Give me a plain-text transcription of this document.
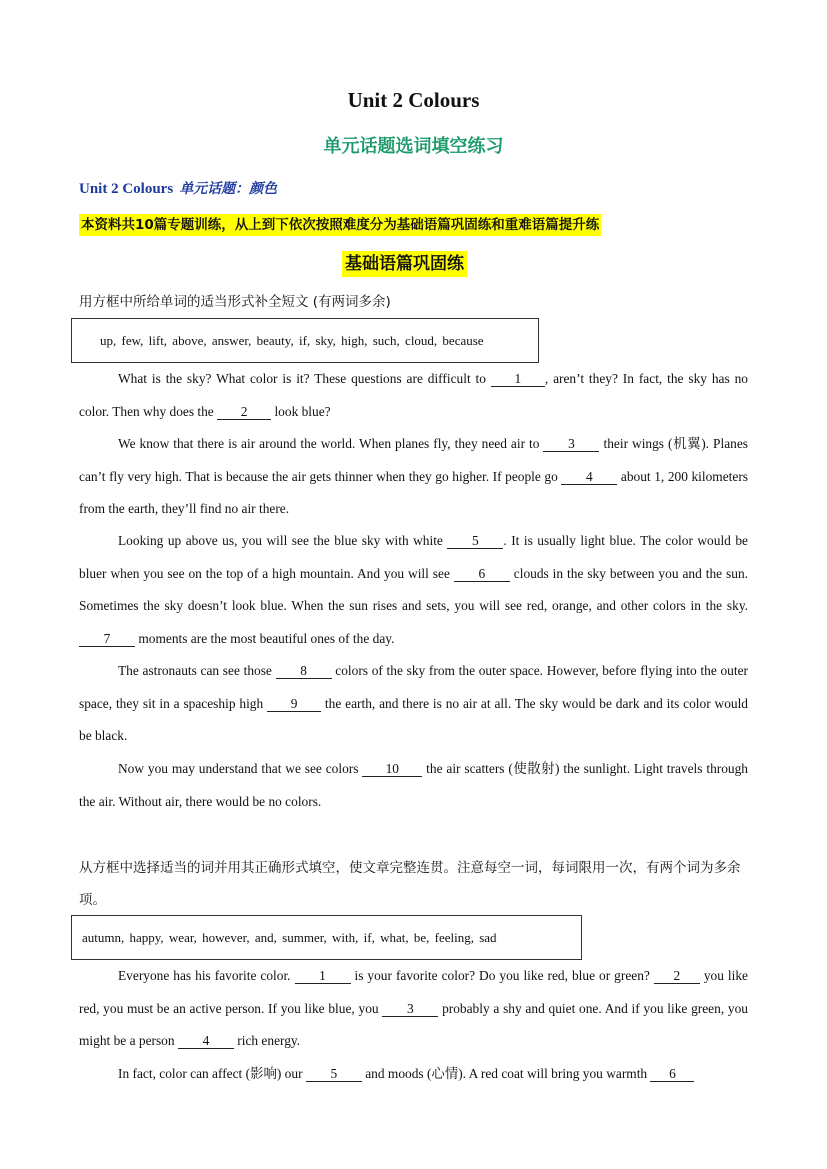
Unit 2 Colours
单元话题选词填空练习
Unit 2 Colours 单元话题：颜色
本资料共10篇专题训练，从上到下依次按照难度分为基础语篇巩固练和重难语篇提升练
基础语篇巩固练
用方框中所给单词的适当形式补全短文 (有两词多余)
up, few, lift, above, answer, beauty, if, sky, high, such, cloud, because
What is the sky? What color is it? These questions are difficult to 1 , aren’t they? In fact, the sky has no color. Then why does the 2 look blue?
We know that there is air around the world. When planes fly, they need air to 3 their wings (机翼). Planes can’t fly very high. That is because the air gets thinner when they go higher. If people go 4 about 1, 200 kilometers from the earth, they’ll find no air there.
Looking up above us, you will see the blue sky with white 5 . It is usually light blue. The color would be bluer when you see on the top of a high mountain. And you will see 6 clouds in the sky between you and the sun. Sometimes the sky doesn’t look blue. When the sun rises and sets, you will see red, orange, and other colors in the sky. 7 moments are the most beautiful ones of the day.
The astronauts can see those 8 colors of the sky from the outer space. However, before flying into the outer space, they sit in a spaceship high 9 the earth, and there is no air at all. The sky would be dark and its color would be black.
Now you may understand that we see colors 10 the air scatters (使散射) the sunlight. Light travels through the air. Without air, there would be no colors.
从方框中选择适当的词并用其正确形式填空，使文章完整连贯。注意每空一词，每词限用一次，有两个词为多余项。
autumn, happy, wear, however, and, summer, with, if, what, be, feeling, sad
Everyone has his favorite color. 1 is your favorite color? Do you like red, blue or green? 2 you like red, you must be an active person. If you like blue, you 3 probably a shy and quiet one. And if you like green, you might be a person 4 rich energy.
In fact, color can affect (影响) our 5 and moods (心情). A red coat will bring you warmth 6
